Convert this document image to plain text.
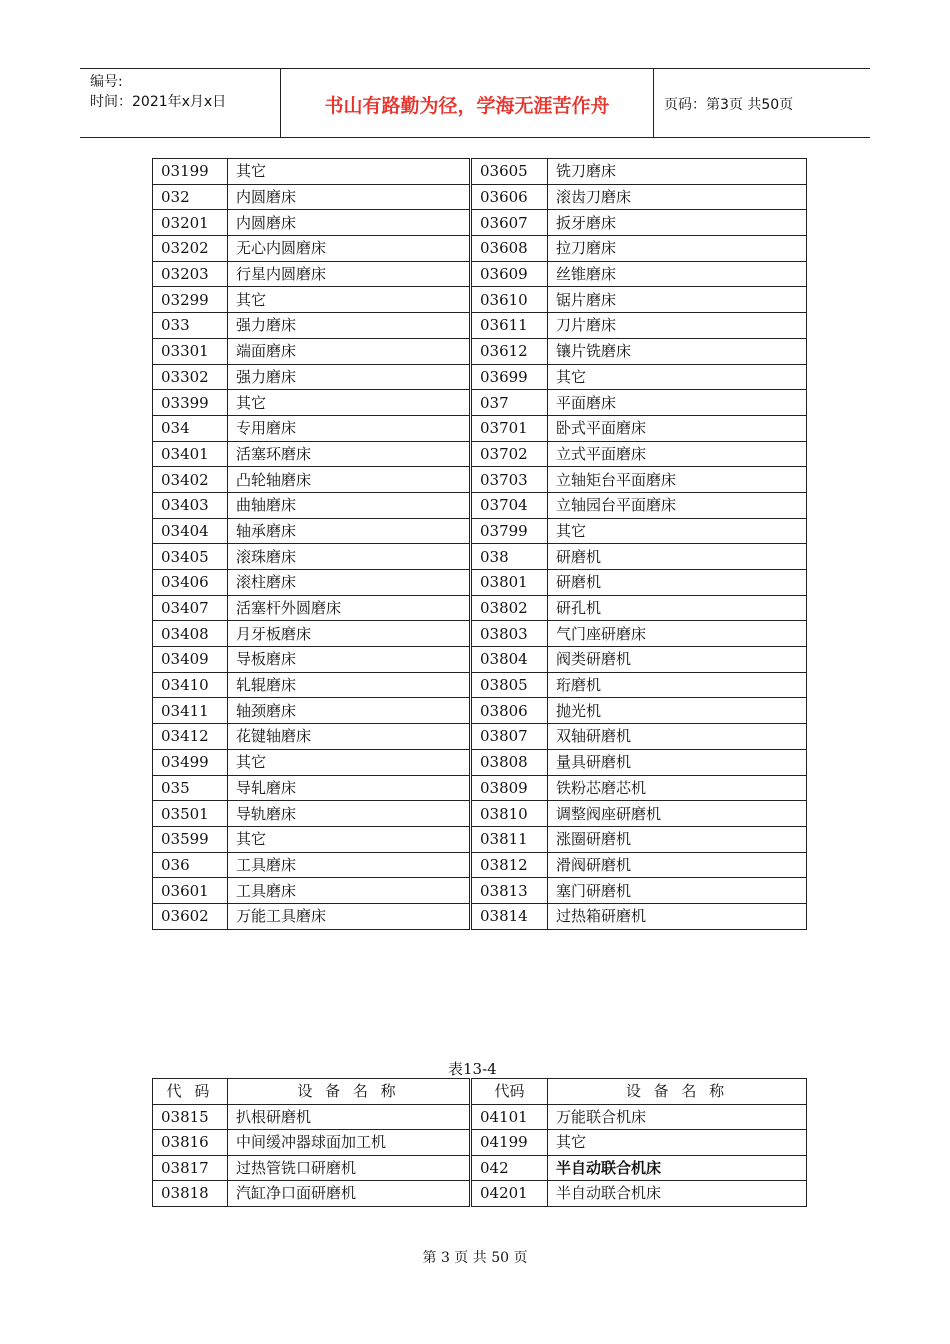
编号:
时间：2021年x月x日	书山有路勤为径，学海无涯苦作舟	页码：第3页 共50页
03199	其它		03605	铣刀磨床
032	内圆磨床		03606	滚齿刀磨床
03201	内圆磨床		03607	扳牙磨床
03202	无心内圆磨床		03608	拉刀磨床
03203	行星内圆磨床		03609	丝锥磨床
03299	其它		03610	锯片磨床
033	强力磨床		03611	刀片磨床
03301	端面磨床		03612	镶片铣磨床
03302	强力磨床		03699	其它
03399	其它		037	平面磨床
034	专用磨床		03701	卧式平面磨床
03401	活塞环磨床		03702	立式平面磨床
03402	凸轮轴磨床		03703	立轴矩台平面磨床
03403	曲轴磨床		03704	立轴园台平面磨床
03404	轴承磨床		03799	其它
03405	滚珠磨床		038	研磨机
03406	滚柱磨床		03801	研磨机
03407	活塞杆外圆磨床		03802	研孔机
03408	月牙板磨床		03803	气门座研磨床
03409	导板磨床		03804	阀类研磨机
03410	轧辊磨床		03805	珩磨机
03411	轴颈磨床		03806	抛光机
03412	花键轴磨床		03807	双轴研磨机
03499	其它		03808	量具研磨机
035	导轧磨床		03809	铁粉芯磨芯机
03501	导轨磨床		03810	调整阀座研磨机
03599	其它		03811	涨圈研磨机
036	工具磨床		03812	滑阀研磨机
03601	工具磨床		03813	塞门研磨机
03602	万能工具磨床		03814	过热箱研磨机
表13-4
代 码	设 备 名 称		代码	设 备 名 称
03815	扒根研磨机		04101	万能联合机床
03816	中间缓冲器球面加工机		04199	其它
03817	过热管铣口研磨机		042	半自动联合机床
03818	汽缸净口面研磨机		04201	半自动联合机床
第 3 页 共 50 页
